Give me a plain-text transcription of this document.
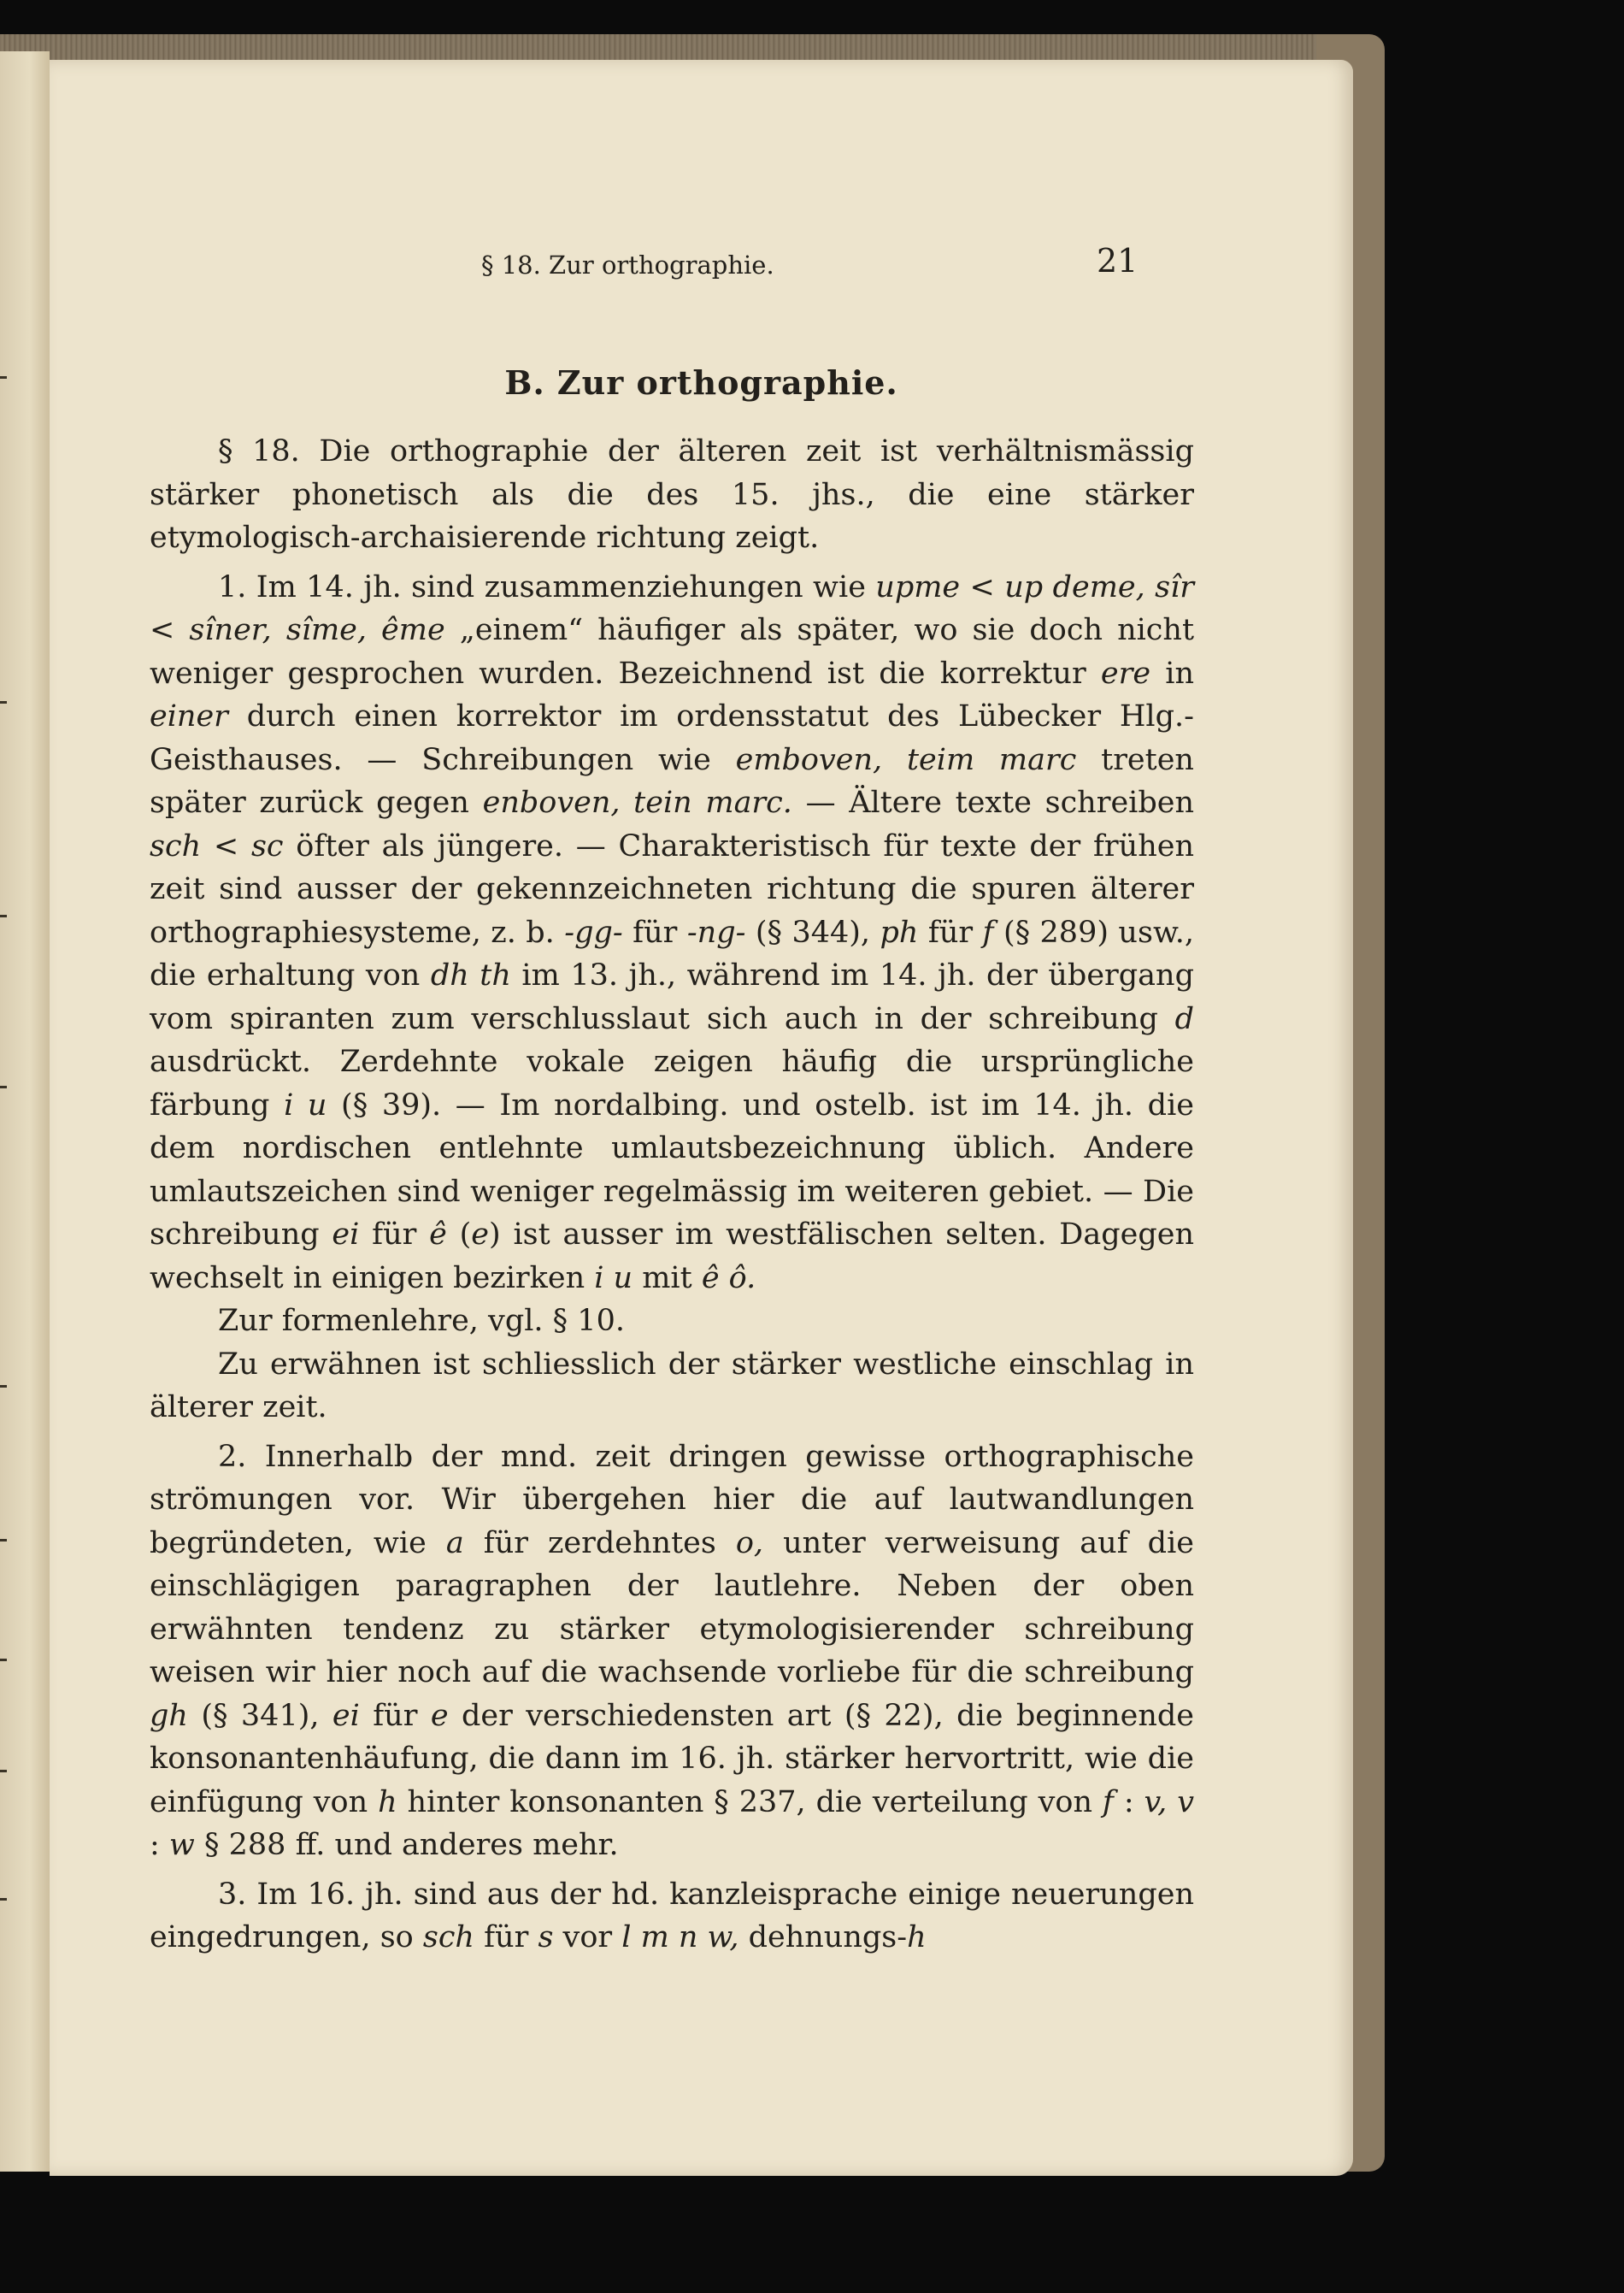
§ 18. Zur orthographie.	21
B. Zur orthographie.

§ 18. Die orthographie der älteren zeit ist verhältnismässig stärker phonetisch als die des 15. jhs., die eine stärker etymologisch-archaisierende richtung zeigt.

1. Im 14. jh. sind zusammenziehungen wie upme < up deme, sîr < sîner, sîme, ême „einem“ häufiger als später, wo sie doch nicht weniger gesprochen wurden. Bezeichnend ist die korrektur ere in einer durch einen korrektor im ordensstatut des Lübecker Hlg.-Geisthauses. — Schreibungen wie emboven, teim marc treten später zurück gegen enboven, tein marc. — Ältere texte schreiben sch < sc öfter als jüngere. — Charakteristisch für texte der frühen zeit sind ausser der gekennzeichneten richtung die spuren älterer orthographiesysteme, z. b. -gg- für -ng- (§ 344), ph für f (§ 289) usw., die erhaltung von dh th im 13. jh., während im 14. jh. der übergang vom spiranten zum verschlusslaut sich auch in der schreibung d ausdrückt. Zerdehnte vokale zeigen häufig die ursprüngliche färbung i u (§ 39). — Im nordalbing. und ostelb. ist im 14. jh. die dem nordischen entlehnte umlautsbezeichnung üblich. Andere umlautszeichen sind weniger regelmässig im weiteren gebiet. — Die schreibung ei für ê (e) ist ausser im westfälischen selten. Dagegen wechselt in einigen bezirken i u mit ê ô.

Zur formenlehre, vgl. § 10.

Zu erwähnen ist schliesslich der stärker westliche einschlag in älterer zeit.

2. Innerhalb der mnd. zeit dringen gewisse orthographische strömungen vor. Wir übergehen hier die auf lautwandlungen begründeten, wie a für zerdehntes o, unter verweisung auf die einschlägigen paragraphen der lautlehre. Neben der oben erwähnten tendenz zu stärker etymologisierender schreibung weisen wir hier noch auf die wachsende vorliebe für die schreibung gh (§ 341), ei für e der verschiedensten art (§ 22), die beginnende konsonantenhäufung, die dann im 16. jh. stärker hervortritt, wie die einfügung von h hinter konsonanten § 237, die verteilung von f : v, v : w § 288 ff. und anderes mehr.

3. Im 16. jh. sind aus der hd. kanzleisprache einige neuerungen eingedrungen, so sch für s vor l m n w, dehnungs-h
